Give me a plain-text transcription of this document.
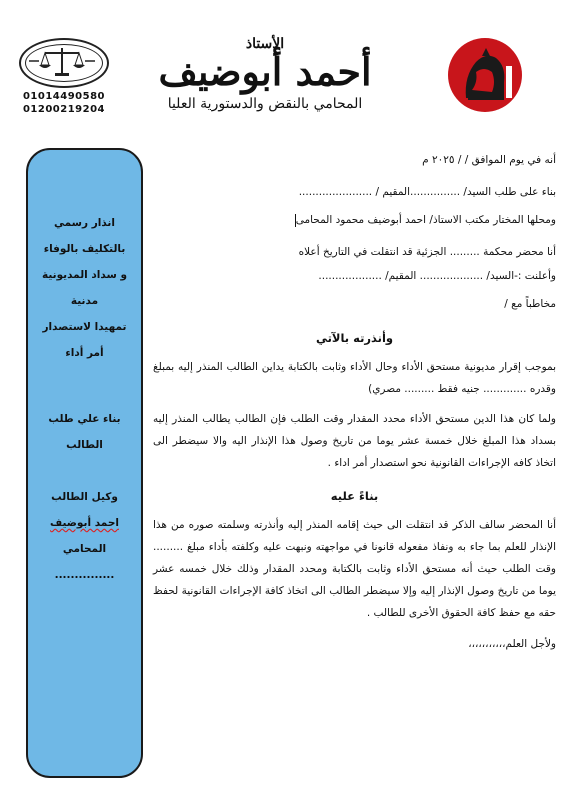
01014490580
01200219204
الأستاذ
أحمد أبوضيف
المحامي بالنقض والدستورية العليا

انذار رسمي

بالتكليف بالوفاء

و سداد المديونية

مدنية

تمهيدا لاستصدار

أمر أداء

بناء علي طلب

الطالب

وكيل الطالب

احمد أبوضيف

المحامي

...............

أنه في يوم الموافق / / ٢٠٢٥ م
بناء على طلب السيد/ ...............المقيم / ......................
ومحلها المختار مكتب الاستاذ/ احمد أبوضيف محمود المحامى
أنا محضر محكمة ......... الجزئية قد انتقلت في التاريخ أعلاه
وأعلنت :-السيد/ ................... المقيم/ ...................
مخاطباً مع /
وأنذرته بالآتي

بموجب إقرار مديونية مستحق الأداء وحال الأداء وثابت بالكتابة يداين الطالب المنذر إليه بمبلغ وقدره ............. جنيه فقط ......... مصري)

ولما كان هذا الدين مستحق الأداء محدد المقدار وقت الطلب فإن الطالب يطالب المنذر إليه بسداد هذا المبلغ خلال خمسة عشر يوما من تاريخ وصول هذا الإنذار اليه والا سيضطر الى اتخاذ كافه الإجراءات القانونية نحو استصدار أمر اداء .

بناءً عليه

أنا المحضر سالف الذكر قد انتقلت الى حيث إقامه المنذر إليه وأنذرته وسلمته صوره من هذا الإنذار للعلم بما جاء به ونفاذ مفعوله قانونا في مواجهته ونبهت عليه وكلفته بأداء مبلغ ......... وقت الطلب حيث أنه مستحق الأداء وثابت بالكتابة ومحدد المقدار وذلك خلال خمسه عشر يوما من تاريخ وصول الإنذار إليه وإلا سيضطر الطالب الى اتخاذ كافة الإجراءات القانونية لحفظ حقه مع حفظ كافة الحقوق الأخرى للطالب .

ولأجل العلم،،،،،،،،،،،
